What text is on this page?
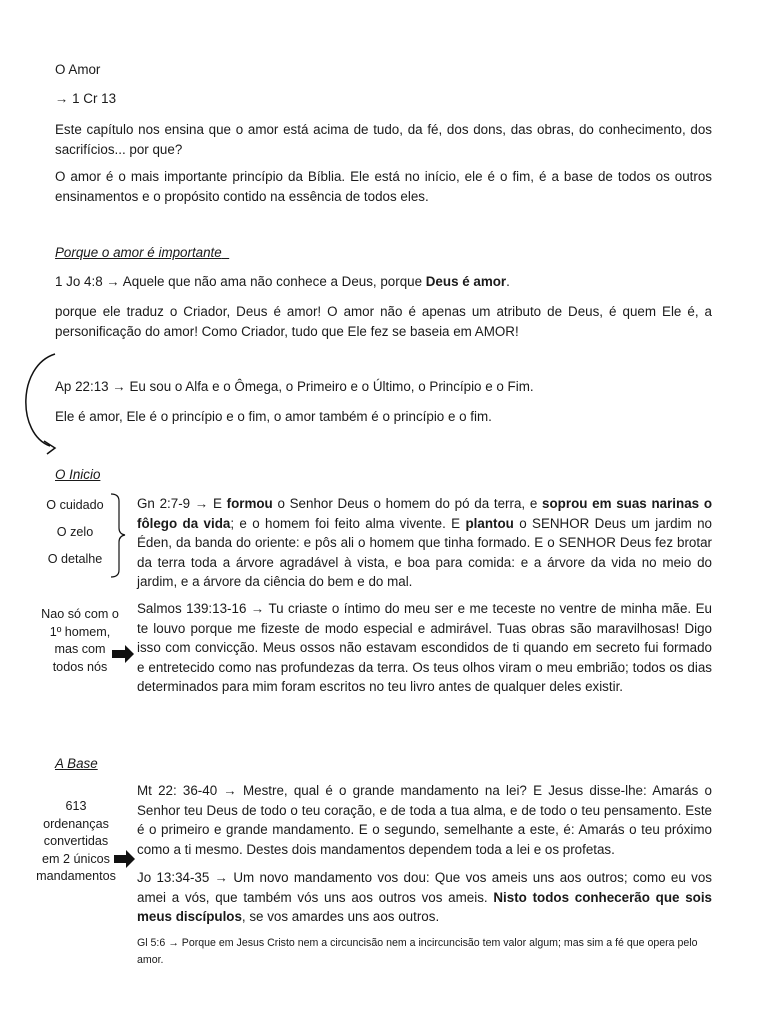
O Amor
→ 1 Cr 13
Este capítulo nos ensina que o amor está acima de tudo, da fé, dos dons, das obras, do conhecimento, dos sacrifícios... por que?
O amor é o mais importante princípio da Bíblia. Ele está no início, ele é o fim, é a base de todos os outros ensinamentos e o propósito contido na essência de todos eles.
Porque o amor é importante
1 Jo 4:8 → Aquele que não ama não conhece a Deus, porque Deus é amor.
porque ele traduz o Criador, Deus é amor! O amor não é apenas um atributo de Deus, é quem Ele é, a personificação do amor! Como Criador, tudo que Ele fez se baseia em AMOR!
Ap 22:13 → Eu sou o Alfa e o Ômega, o Primeiro e o Último, o Princípio e o Fim.
Ele é amor, Ele é o princípio e o fim, o amor também é o princípio e o fim.
O Inicio
O cuidado
O zelo
O detalhe
Gn 2:7-9 → E formou o Senhor Deus o homem do pó da terra, e soprou em suas narinas o fôlego da vida; e o homem foi feito alma vivente. E plantou o SENHOR Deus um jardim no Éden, da banda do oriente: e pôs ali o homem que tinha formado. E o SENHOR Deus fez brotar da terra toda a árvore agradável à vista, e boa para comida: e a árvore da vida no meio do jardim, e a árvore da ciência do bem e do mal.
Nao só com o
1º homem,
mas com
todos nós
Salmos 139:13-16 → Tu criaste o íntimo do meu ser e me teceste no ventre de minha mãe. Eu te louvo porque me fizeste de modo especial e admirável. Tuas obras são maravilhosas! Digo isso com convicção. Meus ossos não estavam escondidos de ti quando em secreto fui formado e entretecido como nas profundezas da terra. Os teus olhos viram o meu embrião; todos os dias determinados para mim foram escritos no teu livro antes de qualquer deles existir.
A Base
613
ordenanças
convertidas
em 2 únicos
mandamentos
Mt 22: 36-40 → Mestre, qual é o grande mandamento na lei? E Jesus disse-lhe: Amarás o Senhor teu Deus de todo o teu coração, e de toda a tua alma, e de todo o teu pensamento. Este é o primeiro e grande mandamento. E o segundo, semelhante a este, é: Amarás o teu próximo como a ti mesmo. Destes dois mandamentos dependem toda a lei e os profetas.
Jo 13:34-35 → Um novo mandamento vos dou: Que vos ameis uns aos outros; como eu vos amei a vós, que também vós uns aos outros vos ameis. Nisto todos conhecerão que sois meus discípulos, se vos amardes uns aos outros.
Gl 5:6 → Porque em Jesus Cristo nem a circuncisão nem a incircuncisão tem valor algum; mas sim a fé que opera pelo amor.
